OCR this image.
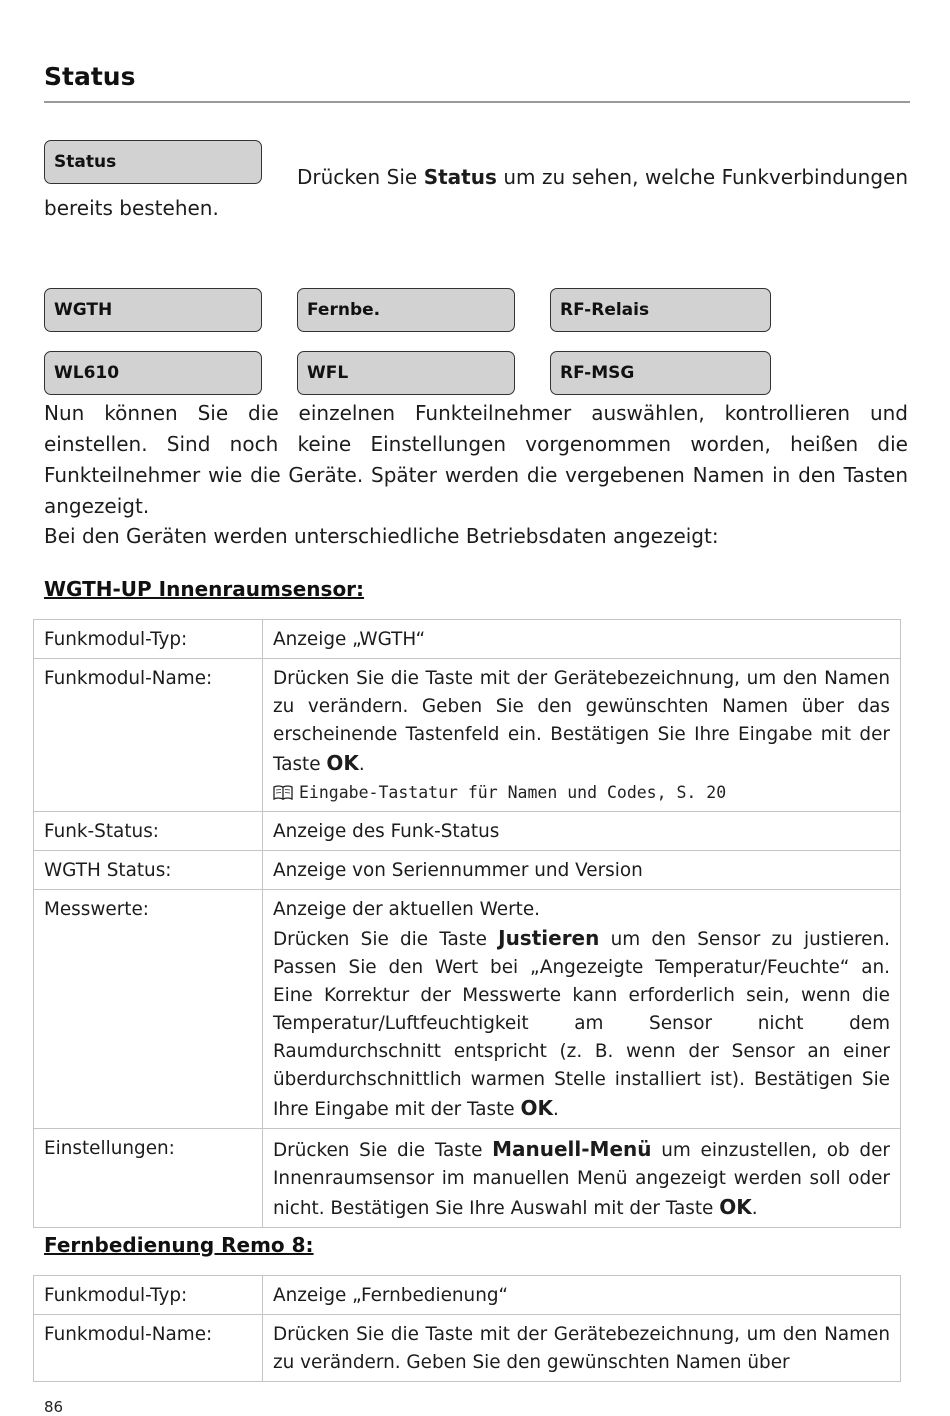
Status
Status
Drücken Sie Status um zu sehen, welche Funkverbindungen bereits bestehen.
WGTH	Fernbe.	RF-Relais
WL610	WFL	RF-MSG
Nun können Sie die einzelnen Funkteilnehmer auswählen, kontrollieren und einstellen. Sind noch keine Einstellungen vorgenommen worden, heißen die Funkteilnehmer wie die Geräte. Später werden die vergebenen Namen in den Tasten angezeigt.
Bei den Geräten werden unterschiedliche Betriebsdaten angezeigt:
WGTH-UP Innenraumsensor:
Funkmodul-Typ:	Anzeige „WGTH“
Funkmodul-Name:	Drücken Sie die Taste mit der Gerätebezeichnung, um den Namen zu verändern. Geben Sie den gewünschten Namen über das erscheinende Tastenfeld ein. Bestätigen Sie Ihre Eingabe mit der Taste OK.
Eingabe-Tastatur für Namen und Codes, S. 20
Funk-Status:	Anzeige des Funk-Status
WGTH Status:	Anzeige von Seriennummer und Version
Messwerte:	Anzeige der aktuellen Werte.
Drücken Sie die Taste Justieren um den Sensor zu justieren. Passen Sie den Wert bei „Angezeigte Temperatur/Feuchte“ an. Eine Korrektur der Messwerte kann erforderlich sein, wenn die Temperatur/Luftfeuchtigkeit am Sensor nicht dem Raumdurchschnitt entspricht (z. B. wenn der Sensor an einer überdurchschnittlich warmen Stelle installiert ist). Bestätigen Sie Ihre Eingabe mit der Taste OK.
Einstellungen:	Drücken Sie die Taste Manuell-Menü um einzustellen, ob der Innenraumsensor im manuellen Menü angezeigt werden soll oder nicht. Bestätigen Sie Ihre Auswahl mit der Taste OK.
Fernbedienung Remo 8:
Funkmodul-Typ:	Anzeige „Fernbedienung“
Funkmodul-Name:	Drücken Sie die Taste mit der Gerätebezeichnung, um den Namen zu verändern. Geben Sie den gewünschten Namen über
86
